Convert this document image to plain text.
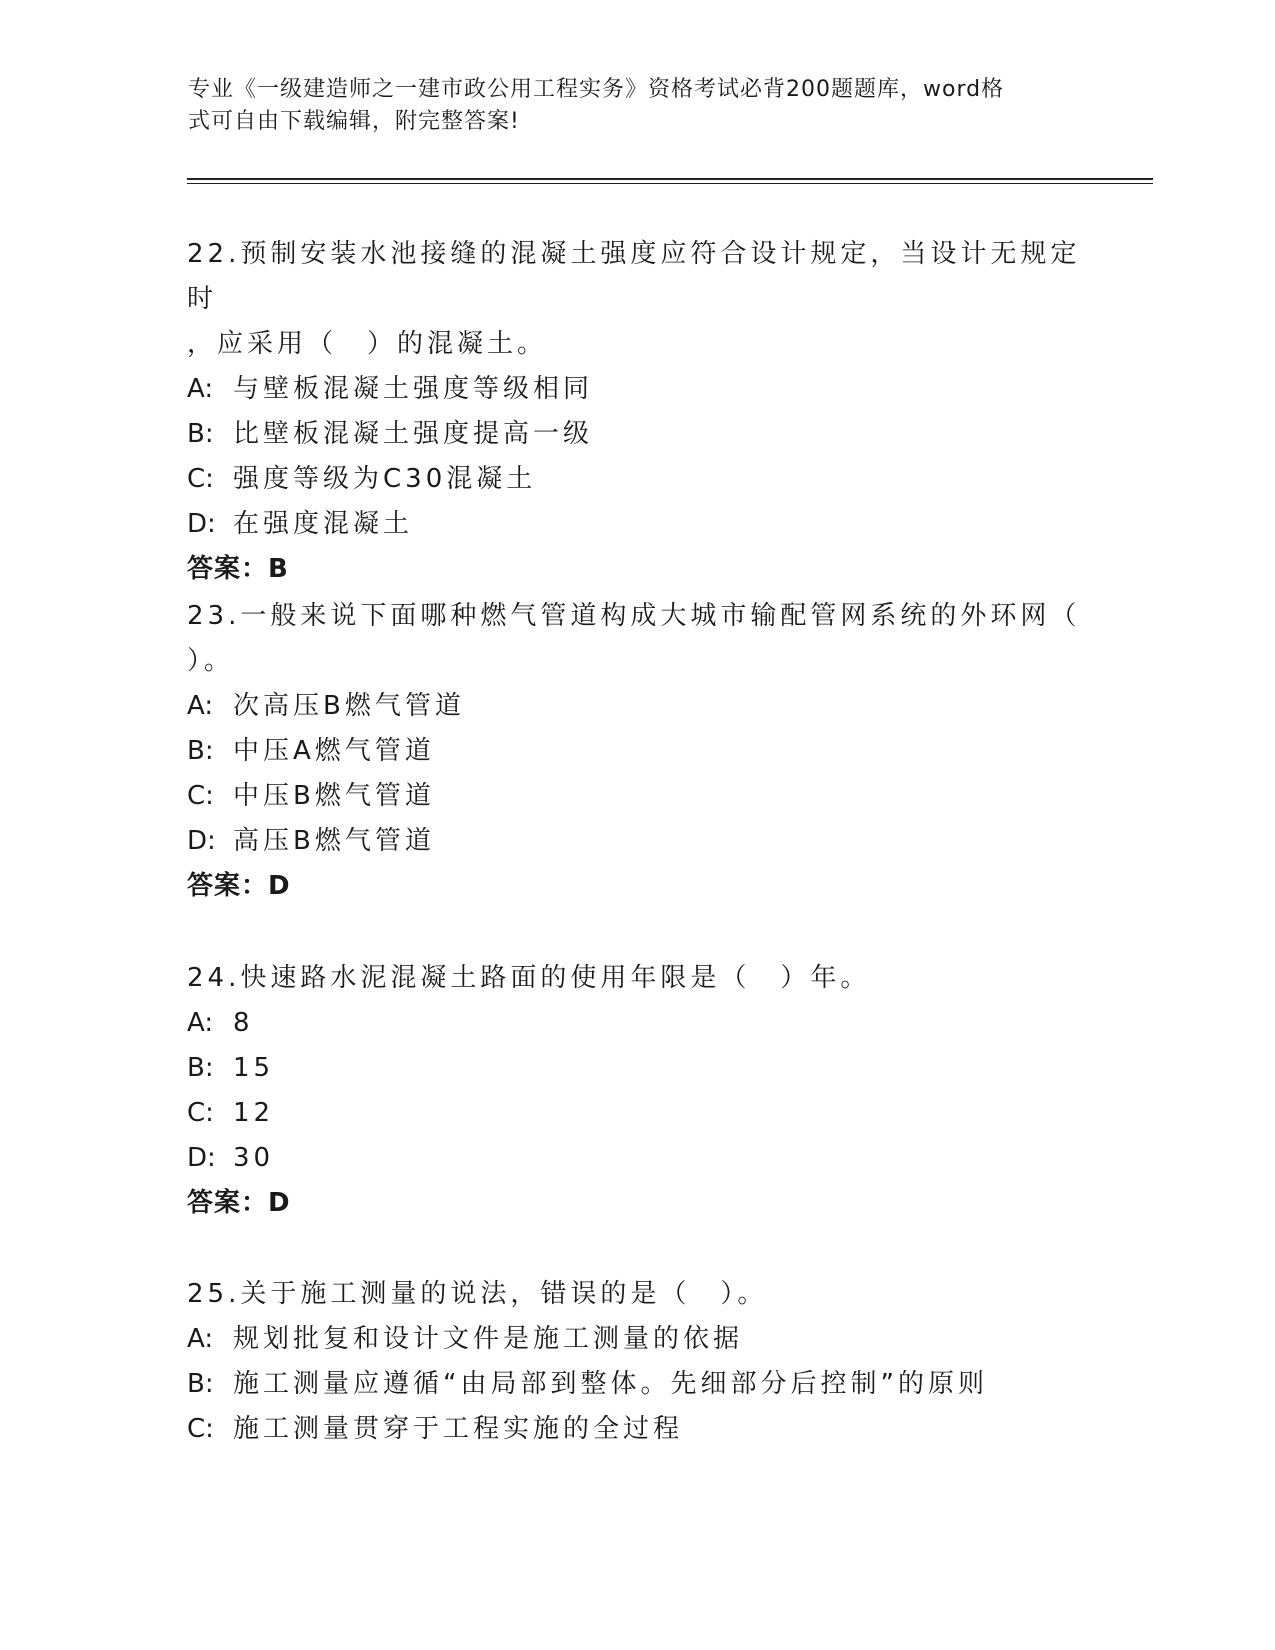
专业《一级建造师之一建市政公用工程实务》资格考试必背200题题库，word格
式可自由下载编辑，附完整答案!
22.预制安装水池接缝的混凝土强度应符合设计规定，当设计无规定时
，应采用（　）的混凝土。
A: 与壁板混凝土强度等级相同
B: 比壁板混凝土强度提高一级
C: 强度等级为C30混凝土
D: 在强度混凝土
答案：B
23.一般来说下面哪种燃气管道构成大城市输配管网系统的外环网（
）。
A: 次高压B燃气管道
B: 中压A燃气管道
C: 中压B燃气管道
D: 高压B燃气管道
答案：D
24.快速路水泥混凝土路面的使用年限是（　）年。
A: 8
B: 15
C: 12
D: 30
答案：D
25.关于施工测量的说法，错误的是（　）。
A: 规划批复和设计文件是施工测量的依据
B: 施工测量应遵循“由局部到整体。先细部分后控制”的原则
C: 施工测量贯穿于工程实施的全过程
